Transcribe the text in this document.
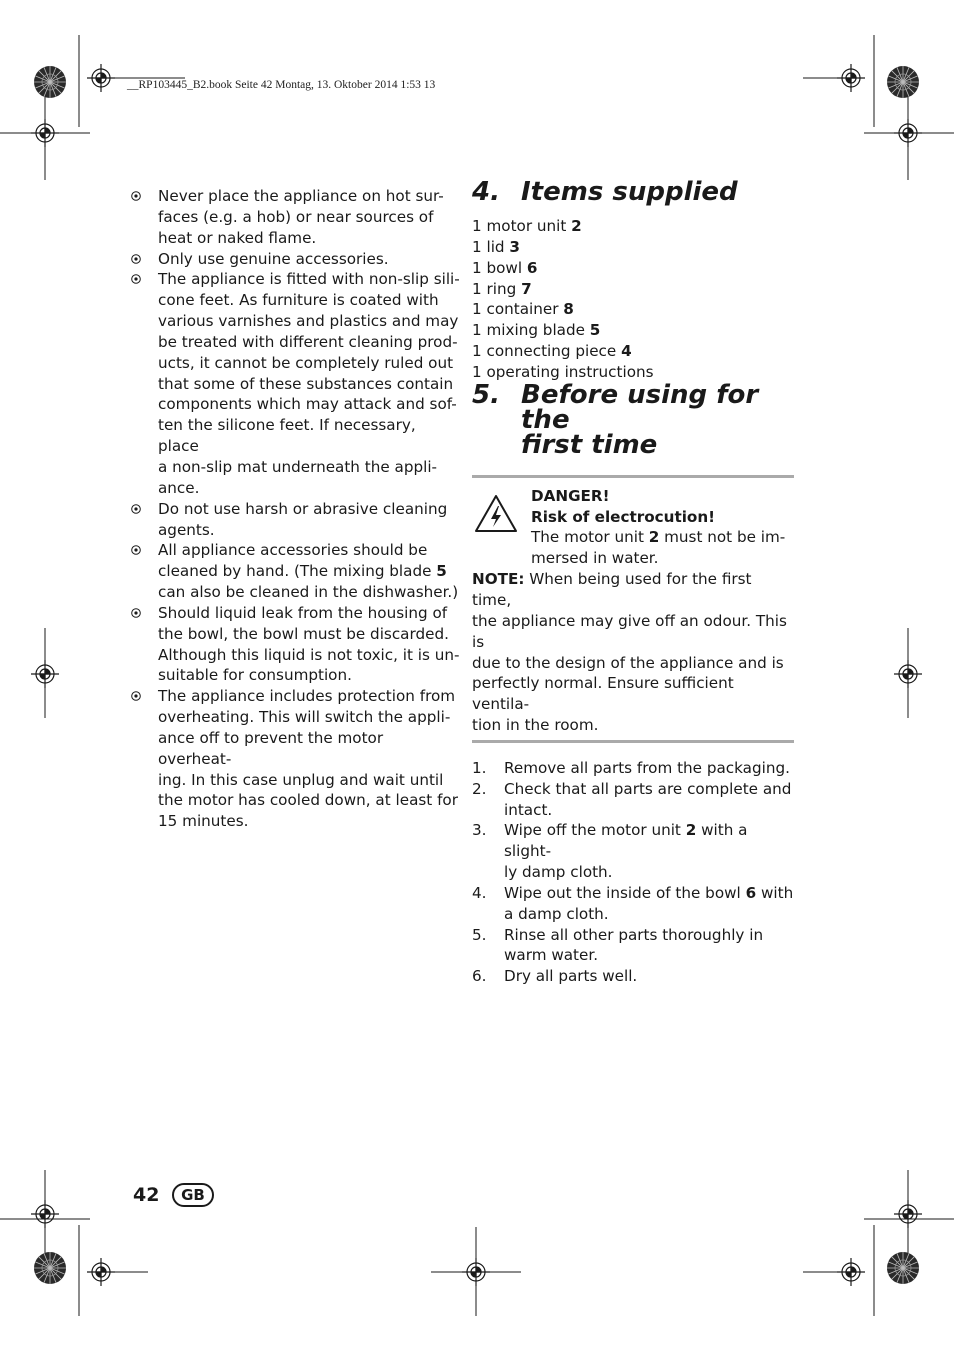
__RP103445_B2.book Seite 42 Montag, 13. Oktober 2014 1:53 13
Never place the appliance on hot sur-
faces (e.g. a hob) or near sources of
heat or naked flame.
Only use genuine accessories.
The appliance is fitted with non-slip sili-
cone feet. As furniture is coated with
various varnishes and plastics and may
be treated with different cleaning prod-
ucts, it cannot be completely ruled out
that some of these substances contain
components which may attack and sof-
ten the silicone feet. If necessary, place
a non-slip mat underneath the appli-
ance.
Do not use harsh or abrasive cleaning
agents.
All appliance accessories should be
cleaned by hand. (The mixing blade 5
can also be cleaned in the dishwasher.)
Should liquid leak from the housing of
the bowl, the bowl must be discarded.
Although this liquid is not toxic, it is un-
suitable for consumption.
The appliance includes protection from
overheating. This will switch the appli-
ance off to prevent the motor overheat-
ing. In this case unplug and wait until
the motor has cooled down, at least for
15 minutes.
4. Items supplied
1 motor unit 2
1 lid 3
1 bowl 6
1 ring 7
1 container 8
1 mixing blade 5
1 connecting piece 4
1 operating instructions
5. Before using for the
first time
DANGER!
Risk of electrocution!
The motor unit 2 must not be im-
mersed in water.
NOTE: When being used for the first time,
the appliance may give off an odour. This is
due to the design of the appliance and is
perfectly normal. Ensure sufficient ventila-
tion in the room.
1. Remove all parts from the packaging.
2. Check that all parts are complete and
intact.
3. Wipe off the motor unit 2 with a slight-
ly damp cloth.
4. Wipe out the inside of the bowl 6 with
a damp cloth.
5. Rinse all other parts thoroughly in
warm water.
6. Dry all parts well.
42	GB
